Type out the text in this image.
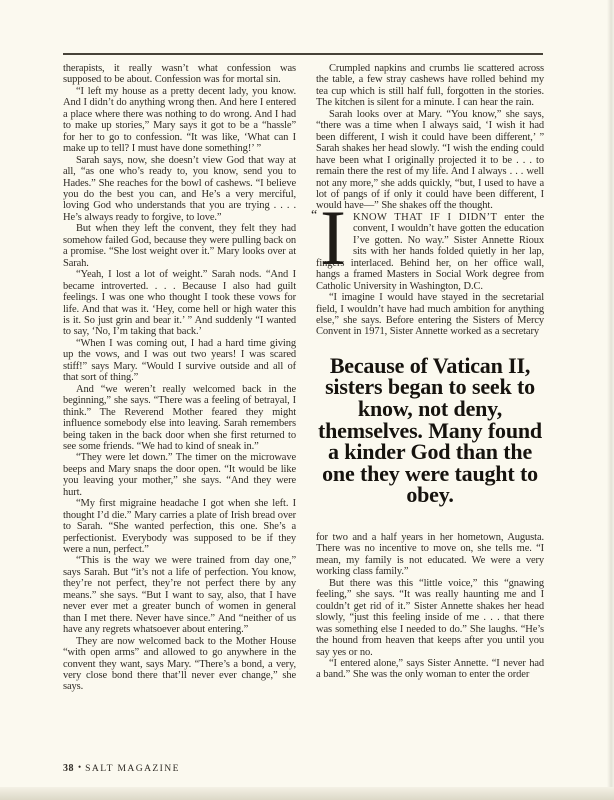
therapists, it really wasn’t what confession was supposed to be about. Confession was for mortal sin.

“I left my house as a pretty decent lady, you know. And I didn’t do anything wrong then. And here I entered a place where there was nothing to do wrong. And I had to make up stories,” Mary says it got to be a “hassle” for her to go to confession. “It was like, ‘What can I make up to tell? I must have done something!’ ”

Sarah says, now, she doesn’t view God that way at all, “as one who’s ready to, you know, send you to Hades.” She reaches for the bowl of cashews. “I believe you do the best you can, and He’s a very merciful, loving God who understands that you are trying . . . . He’s always ready to forgive, to love.”

But when they left the convent, they felt they had somehow failed God, because they were pulling back on a promise. “She lost weight over it.” Mary looks over at Sarah.

“Yeah, I lost a lot of weight.” Sarah nods. “And I became introverted. . . . Because I also had guilt feelings. I was one who thought I took these vows for life. And that was it. ‘Hey, come hell or high water this is it. So just grin and bear it.’ ” And suddenly “I wanted to say, ‘No, I’m taking that back.’

“When I was coming out, I had a hard time giving up the vows, and I was out two years! I was scared stiff!” says Mary. “Would I survive outside and all of that sort of thing.”

And “we weren’t really welcomed back in the beginning,” she says. “There was a feeling of betrayal, I think.” The Reverend Mother feared they might influence somebody else into leaving. Sarah remembers being taken in the back door when she first returned to see some friends. “We had to kind of sneak in.”

“They were let down.” The timer on the microwave beeps and Mary snaps the door open. “It would be like you leaving your mother,” she says. “And they were hurt.

“My first migraine headache I got when she left. I thought I’d die.” Mary carries a plate of Irish bread over to Sarah. “She wanted perfection, this one. She’s a perfectionist. Everybody was supposed to be if they were a nun, perfect.”

“This is the way we were trained from day one,” says Sarah. But “it’s not a life of perfection. You know, they’re not perfect, they’re not perfect there by any means.” she says. “But I want to say, also, that I have never ever met a greater bunch of women in general than I met there. Never have since.” And “neither of us have any regrets whatsoever about entering.”

They are now welcomed back to the Mother House “with open arms” and allowed to go anywhere in the convent they want, says Mary. “There’s a bond, a very, very close bond there that’ll never ever change,” she says.

Crumpled napkins and crumbs lie scattered across the table, a few stray cashews have rolled behind my tea cup which is still half full, forgotten in the stories. The kitchen is silent for a minute. I can hear the rain.

Sarah looks over at Mary. “You know,” she says, “there was a time when I always said, ‘I wish it had been different, I wish it could have been different,’ ” Sarah shakes her head slowly. “I wish the ending could have been what I originally projected it to be . . . to remain there the rest of my life. And I always . . . well not any more,” she adds quickly, “but, I used to have a lot of pangs of if only it could have been different, I would have—” She shakes off the thought.

“ I KNOW THAT IF I DIDN’T enter the convent, I wouldn’t have gotten the education I’ve gotten. No way.” Sister Annette Rioux sits with her hands folded quietly in her lap, fingers interlaced. Behind her, on her office wall, hangs a framed Masters in Social Work degree from Catholic University in Washington, D.C.

“I imagine I would have stayed in the secretarial field, I wouldn’t have had much ambition for anything else,” she says. Before entering the Sisters of Mercy Convent in 1971, Sister Annette worked as a secretary

Because of Vatican II, sisters began to seek to know, not deny, themselves. Many found a kinder God than the one they were taught to obey.

for two and a half years in her hometown, Augusta. There was no incentive to move on, she tells me. “I mean, my family is not educated. We were a very working class family.”

But there was this “little voice,” this “gnawing feeling,” she says. “It was really haunting me and I couldn’t get rid of it.” Sister Annette shakes her head slowly, “just this feeling inside of me . . . that there was something else I needed to do.” She laughs. “He’s the hound from heaven that keeps after you until you say yes or no.

“I entered alone,” says Sister Annette. “I never had a band.” She was the only woman to enter the order

38 • SALT MAGAZINE
